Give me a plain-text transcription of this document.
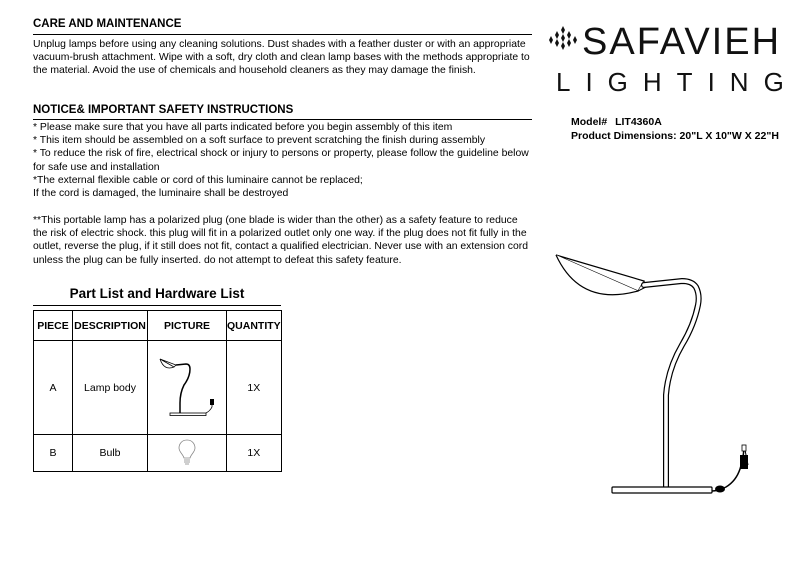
CARE AND MAINTENANCE

Unplug lamps before using any cleaning solutions. Dust shades with a feather duster or with an appropriate

vacuum-brush attachment. Wipe with a soft, dry cloth and clean lamp bases with the methods appropriate to the material. Avoid the use of chemicals and household cleaners as they may damage the finish.

NOTICE& IMPORTANT SAFETY INSTRUCTIONS

* Please make sure that you have all parts indicated before you begin assembly of this item

* This item should be assembled on a soft surface to prevent scratching the finish during assembly

* To reduce the risk of fire, electrical shock or injury to persons or property, please follow the guideline below for safe use and installation

*The external flexible cable or cord of this luminaire cannot be replaced;

If the cord is damaged, the luminaire shall be destroyed

**This portable lamp has a polarized plug (one blade is wider than the other) as a safety feature to reduce the risk of electric shock. this plug will fit in a polarized outlet only one way. if the plug does not fit fully in the outlet, reverse the plug, if it still does not fit, contact a qualified electrician. Never use with an extension cord unless the plug can be fully inserted. do not attempt to defeat this safety feature.
SAFAVIEH
LIGHTING
Model# LIT4360A
Product Dimensions: 20"L X 10"W X 22"H
Part List and Hardware List
PIECE	DESCRIPTION	PICTURE	QUANTITY
A	Lamp body		1X
B	Bulb		1X
